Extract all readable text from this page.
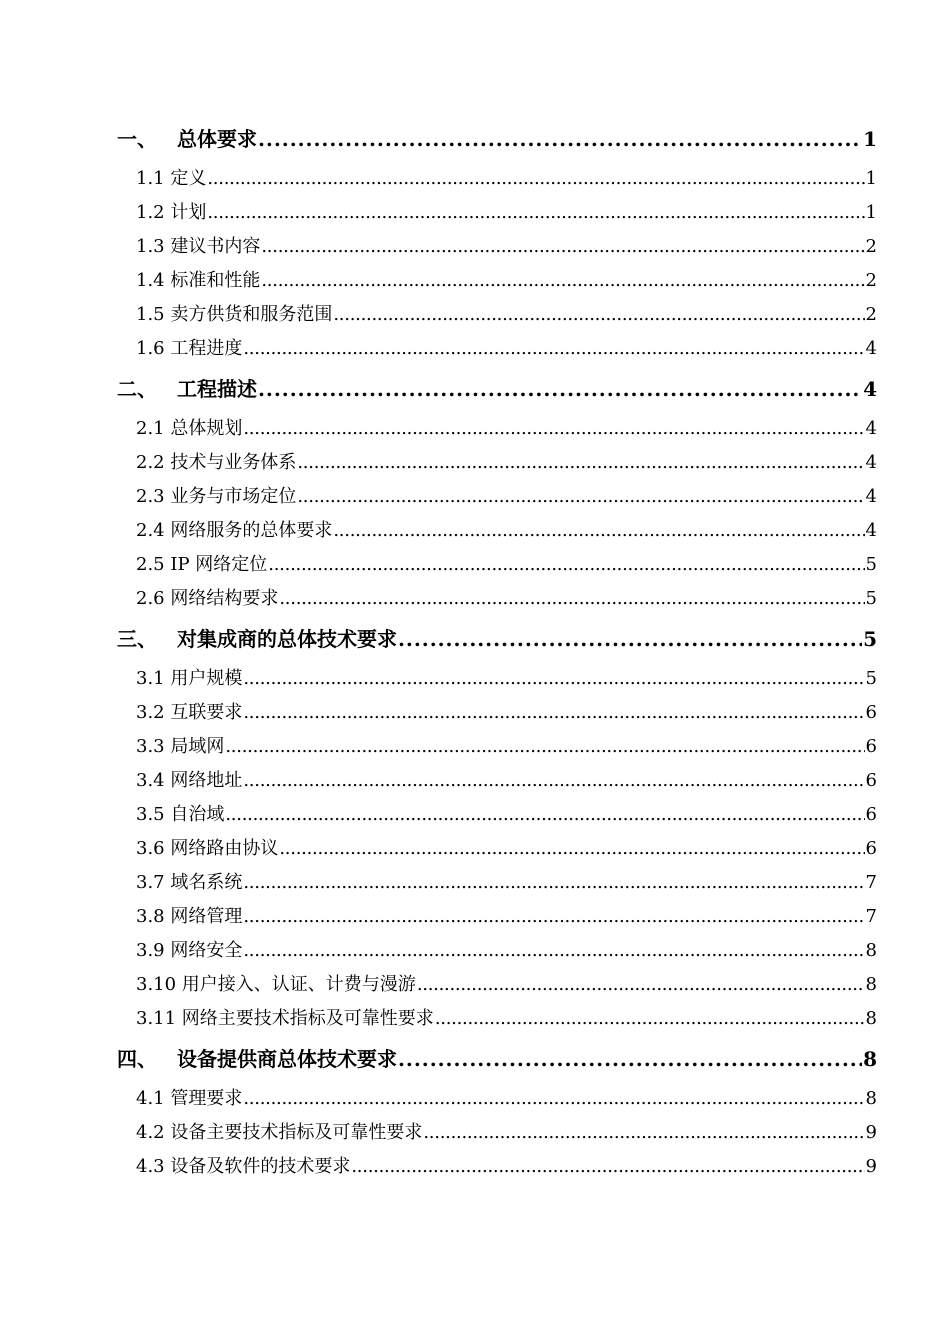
一、 总体要求 . . .	1
1.1 定义 . . .	1
1.2 计划 . . .	1
1.3 建议书内容 . . .	2
1.4 标准和性能 . . .	2
1.5 卖方供货和服务范围 . . .	2
1.6 工程进度 . . .	4
二、 工程描述 . . .	4
2.1 总体规划 . . .	4
2.2 技术与业务体系 . . .	4
2.3 业务与市场定位 . . .	4
2.4 网络服务的总体要求 . . .	4
2.5 IP 网络定位 . . .	5
2.6 网络结构要求 . . .	5
三、 对集成商的总体技术要求 . . .	5
3.1 用户规模 . . .	5
3.2 互联要求 . . .	6
3.3 局域网 . . .	6
3.4 网络地址 . . .	6
3.5 自治域 . . .	6
3.6 网络路由协议 . . .	6
3.7 域名系统 . . .	7
3.8 网络管理 . . .	7
3.9 网络安全 . . .	8
3.10 用户接入、认证、计费与漫游 . . .	8
3.11 网络主要技术指标及可靠性要求 . . .	8
四、 设备提供商总体技术要求 . . .	8
4.1 管理要求 . . .	8
4.2 设备主要技术指标及可靠性要求 . . .	9
4.3 设备及软件的技术要求 . . .	9
